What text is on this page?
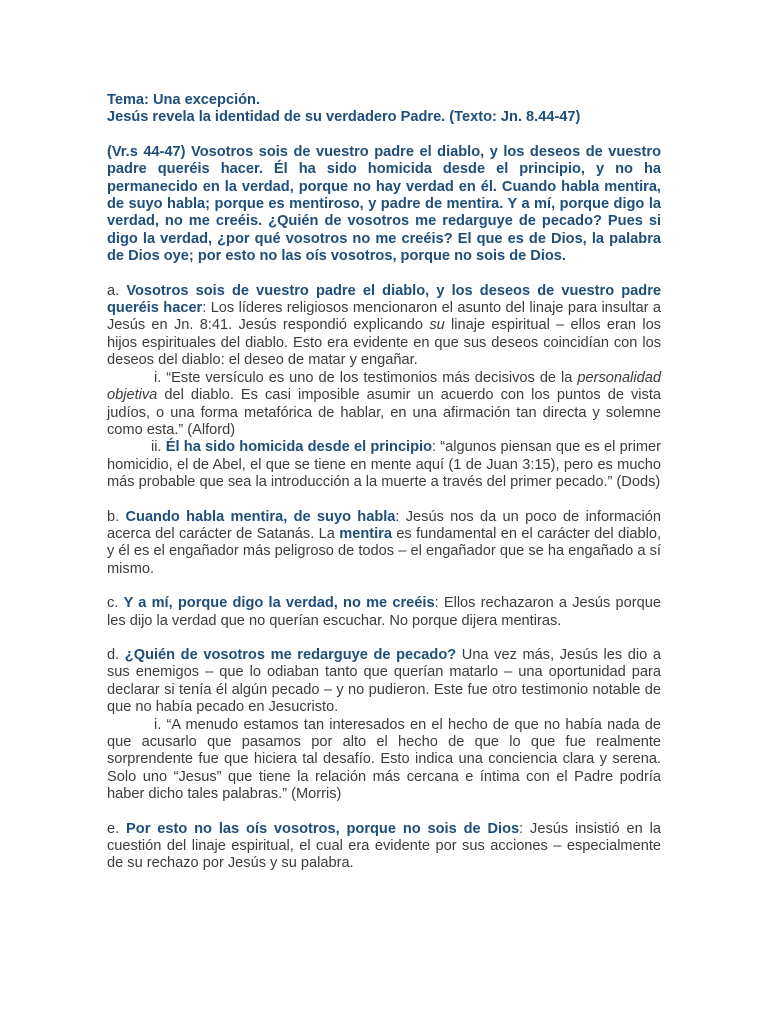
Tema: Una excepción.

Jesús revela la identidad de su verdadero Padre. (Texto: Jn. 8.44-47)

(Vr.s 44-47) Vosotros sois de vuestro padre el diablo, y los deseos de vuestro padre queréis hacer. Él ha sido homicida desde el principio, y no ha permanecido en la verdad, porque no hay verdad en él. Cuando habla mentira, de suyo habla; porque es mentiroso, y padre de mentira. Y a mí, porque digo la verdad, no me creéis. ¿Quién de vosotros me redarguye de pecado? Pues si digo la verdad, ¿por qué vosotros no me creéis? El que es de Dios, la palabra de Dios oye; por esto no las oís vosotros, porque no sois de Dios.

a. Vosotros sois de vuestro padre el diablo, y los deseos de vuestro padre queréis hacer: Los líderes religiosos mencionaron el asunto del linaje para insultar a Jesús en Jn. 8:41. Jesús respondió explicando su linaje espiritual – ellos eran los hijos espirituales del diablo. Esto era evidente en que sus deseos coincidían con los deseos del diablo: el deseo de matar y engañar.

i. “Este versículo es uno de los testimonios más decisivos de la personalidad objetiva del diablo. Es casi imposible asumir un acuerdo con los puntos de vista judíos, o una forma metafórica de hablar, en una afirmación tan directa y solemne como esta.” (Alford)

ii. Él ha sido homicida desde el principio: “algunos piensan que es el primer homicidio, el de Abel, el que se tiene en mente aquí (1 de Juan 3:15), pero es mucho más probable que sea la introducción a la muerte a través del primer pecado.” (Dods)

b. Cuando habla mentira, de suyo habla: Jesús nos da un poco de información acerca del carácter de Satanás. La mentira es fundamental en el carácter del diablo, y él es el engañador más peligroso de todos – el engañador que se ha engañado a sí mismo.

c. Y a mí, porque digo la verdad, no me creéis: Ellos rechazaron a Jesús porque les dijo la verdad que no querían escuchar. No porque dijera mentiras.

d. ¿Quién de vosotros me redarguye de pecado? Una vez más, Jesús les dio a sus enemigos – que lo odiaban tanto que querían matarlo – una oportunidad para declarar si tenía él algún pecado – y no pudieron. Este fue otro testimonio notable de que no había pecado en Jesucristo.

i. “A menudo estamos tan interesados en el hecho de que no había nada de que acusarlo que pasamos por alto el hecho de que lo que fue realmente sorprendente fue que hiciera tal desafío. Esto indica una conciencia clara y serena. Solo uno “Jesus” que tiene la relación más cercana e íntima con el Padre podría haber dicho tales palabras.” (Morris)

e. Por esto no las oís vosotros, porque no sois de Dios: Jesús insistió en la cuestión del linaje espiritual, el cual era evidente por sus acciones – especialmente de su rechazo por Jesús y su palabra.
